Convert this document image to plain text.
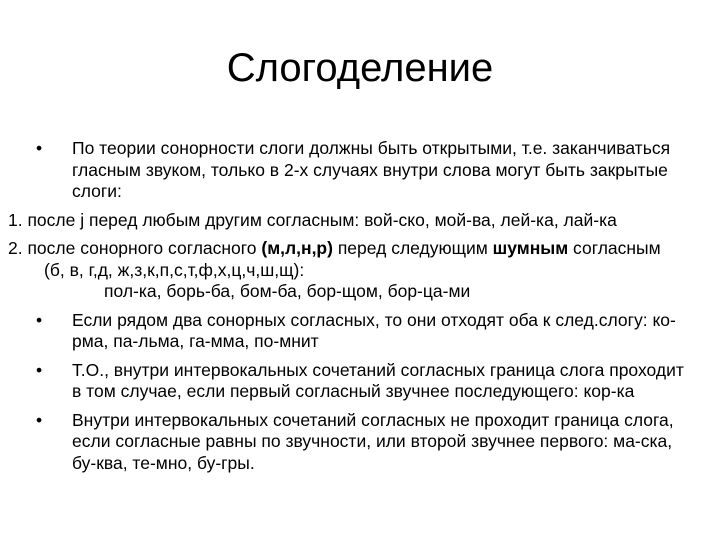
Слогоделение
•	По теории сонорности слоги должны быть открытыми, т.е. заканчиваться гласным звуком, только в 2-х случаях внутри слова могут быть закрытые слоги:
1. после j перед любым другим согласным: вой-ско, мой-ва, лей-ка, лай-ка
2. после сонорного согласного (м,л,н,р) перед следующим шумным согласным (б, в, г,д, ж,з,к,п,с,т,ф,х,ц,ч,ш,щ):
пол-ка, борь-ба, бом-ба, бор-щом, бор-ца-ми
•	Если рядом два сонорных согласных, то они отходят оба к след.слогу: ко-рма, па-льма, га-мма, по-мнит
•	Т.О., внутри интервокальных сочетаний согласных граница слога проходит в том случае, если первый согласный звучнее последующего: кор-ка
•	Внутри интервокальных сочетаний согласных не проходит граница слога, если согласные равны по звучности, или второй звучнее первого: ма-ска, бу-ква, те-мно, бу-гры.
